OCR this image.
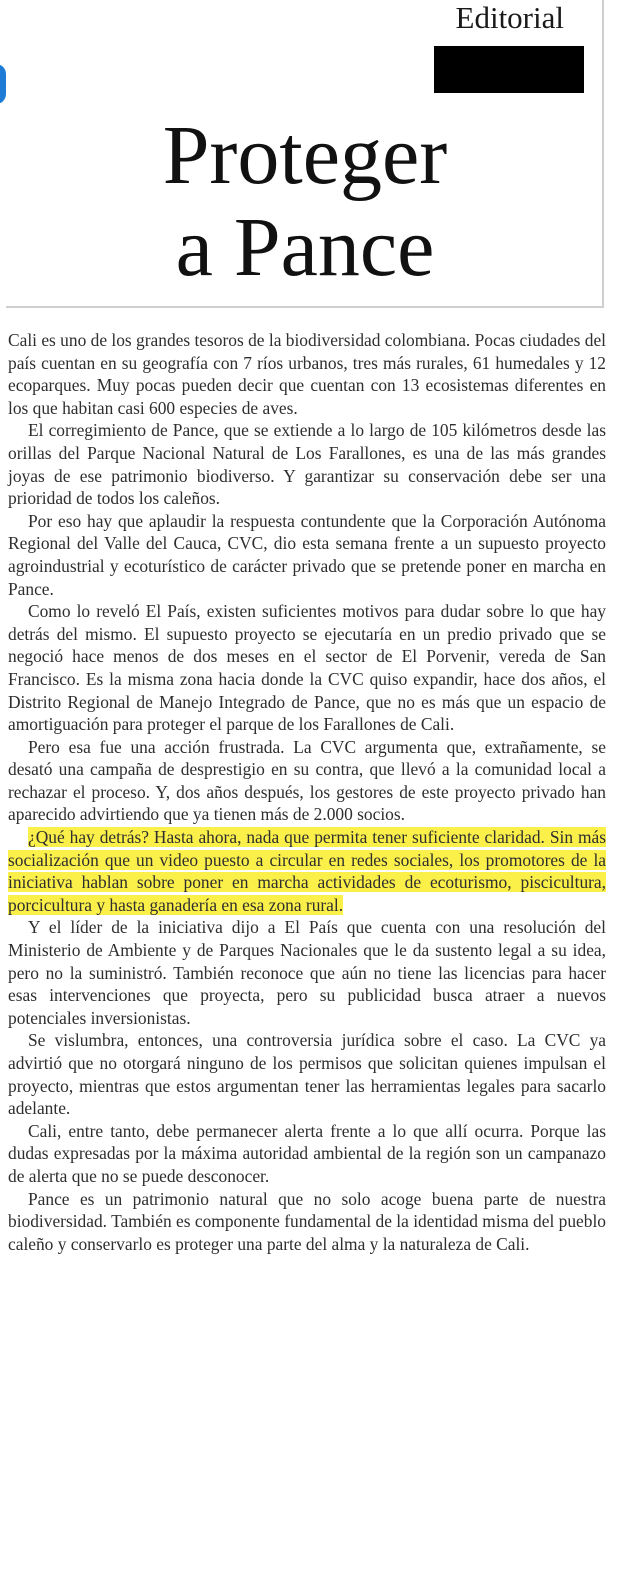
Editorial
Proteger
a Pance

Cali es uno de los grandes tesoros de la biodiversidad colombiana. Pocas ciudades del país cuentan en su geografía con 7 ríos urbanos, tres más rurales, 61 humedales y 12 ecoparques. Muy pocas pueden decir que cuentan con 13 ecosistemas diferentes en los que habitan casi 600 especies de aves.

El corregimiento de Pance, que se extiende a lo largo de 105 kilómetros desde las orillas del Parque Nacional Natural de Los Farallones, es una de las más grandes joyas de ese patrimonio biodiverso. Y garantizar su conservación debe ser una prioridad de todos los caleños.

Por eso hay que aplaudir la respuesta contundente que la Corporación Autónoma Regional del Valle del Cauca, CVC, dio esta semana frente a un supuesto proyecto agroindustrial y ecoturístico de carácter privado que se pretende poner en marcha en Pance.

Como lo reveló El País, existen suficientes motivos para dudar sobre lo que hay detrás del mismo. El supuesto proyecto se ejecutaría en un predio privado que se negoció hace menos de dos meses en el sector de El Porvenir, vereda de San Francisco. Es la misma zona hacia donde la CVC quiso expandir, hace dos años, el Distrito Regional de Manejo Integrado de Pance, que no es más que un espacio de amortiguación para proteger el parque de los Farallones de Cali.

Pero esa fue una acción frustrada. La CVC argumenta que, extrañamente, se desató una campaña de desprestigio en su contra, que llevó a la comunidad local a rechazar el proceso. Y, dos años después, los gestores de este proyecto privado han aparecido advirtiendo que ya tienen más de 2.000 socios.

¿Qué hay detrás? Hasta ahora, nada que permita tener suficiente claridad. Sin más socialización que un video puesto a circular en redes sociales, los promotores de la iniciativa hablan sobre poner en marcha actividades de ecoturismo, piscicultura, porcicultura y hasta ganadería en esa zona rural.

Y el líder de la iniciativa dijo a El País que cuenta con una resolución del Ministerio de Ambiente y de Parques Nacionales que le da sustento legal a su idea, pero no la suministró. También reconoce que aún no tiene las licencias para hacer esas intervenciones que proyecta, pero su publicidad busca atraer a nuevos potenciales inversionistas.

Se vislumbra, entonces, una controversia jurídica sobre el caso. La CVC ya advirtió que no otorgará ninguno de los permisos que solicitan quienes impulsan el proyecto, mientras que estos argumentan tener las herramientas legales para sacarlo adelante.

Cali, entre tanto, debe permanecer alerta frente a lo que allí ocurra. Porque las dudas expresadas por la máxima autoridad ambiental de la región son un campanazo de alerta que no se puede desconocer.

Pance es un patrimonio natural que no solo acoge buena parte de nuestra biodiversidad. También es componente fundamental de la identidad misma del pueblo caleño y conservarlo es proteger una parte del alma y la naturaleza de Cali.
